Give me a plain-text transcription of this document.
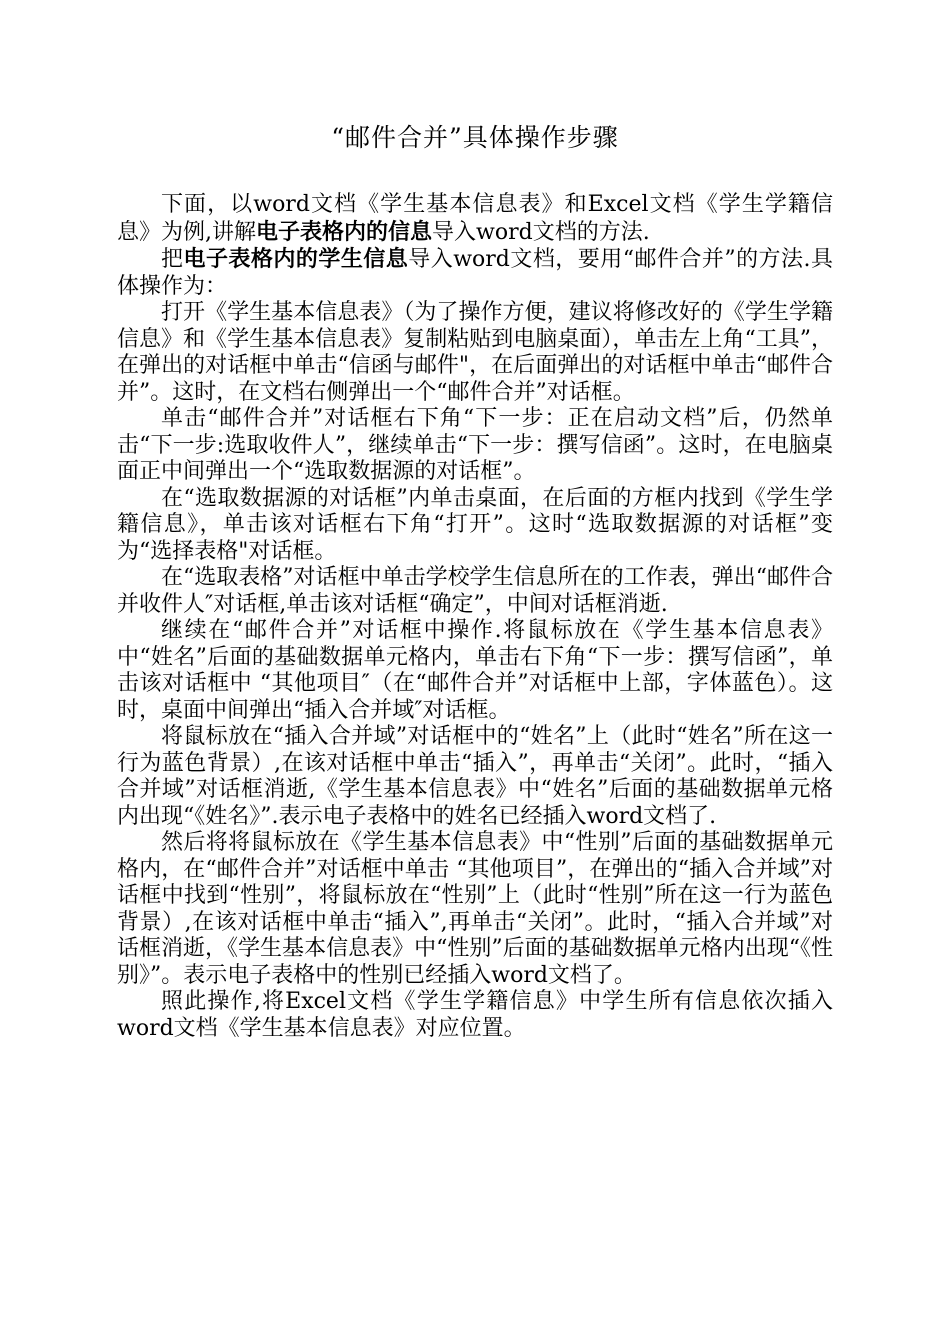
“邮件合并”具体操作步骤

下面，以word文档《学生基本信息表》和Excel文档《学生学籍信息》为例,讲解电子表格内的信息导入word文档的方法.

把电子表格内的学生信息导入word文档，要用“邮件合并”的方法.具体操作为：

打开《学生基本信息表》（为了操作方便，建议将修改好的《学生学籍信息》和《学生基本信息表》复制粘贴到电脑桌面），单击左上角“工具”，在弹出的对话框中单击“信函与邮件"，在后面弹出的对话框中单击“邮件合并”。这时，在文档右侧弹出一个“邮件合并”对话框。

单击“邮件合并”对话框右下角“下一步：正在启动文档”后，仍然单击“下一步:选取收件人”，继续单击“下一步：撰写信函”。这时，在电脑桌面正中间弹出一个“选取数据源的对话框”。

在“选取数据源的对话框”内单击桌面，在后面的方框内找到《学生学籍信息》，单击该对话框右下角“打开”。这时“选取数据源的对话框”变为“选择表格"对话框。

在“选取表格”对话框中单击学校学生信息所在的工作表，弹出“邮件合并收件人″对话框,单击该对话框“确定”，中间对话框消逝.

继续在“邮件合并”对话框中操作.将鼠标放在《学生基本信息表》中“姓名”后面的基础数据单元格内，单击右下角“下一步：撰写信函”，单击该对话框中 “其他项目″（在“邮件合并”对话框中上部，字体蓝色）。这时，桌面中间弹出“插入合并域″对话框。

将鼠标放在“插入合并域”对话框中的“姓名”上（此时“姓名”所在这一行为蓝色背景）,在该对话框中单击“插入”，再单击“关闭”。此时，“插入合并域”对话框消逝,《学生基本信息表》中“姓名”后面的基础数据单元格内出现“《姓名》”.表示电子表格中的姓名已经插入word文档了.

然后将将鼠标放在《学生基本信息表》中“性别”后面的基础数据单元格内，在“邮件合并”对话框中单击 “其他项目”，在弹出的“插入合并域”对话框中找到“性别”，将鼠标放在“性别”上（此时“性别”所在这一行为蓝色背景）,在该对话框中单击“插入”,再单击“关闭”。此时，“插入合并域”对话框消逝，《学生基本信息表》中“性别”后面的基础数据单元格内出现“《性别》”。表示电子表格中的性别已经插入word文档了。

照此操作,将Excel文档《学生学籍信息》中学生所有信息依次插入word文档《学生基本信息表》对应位置。
